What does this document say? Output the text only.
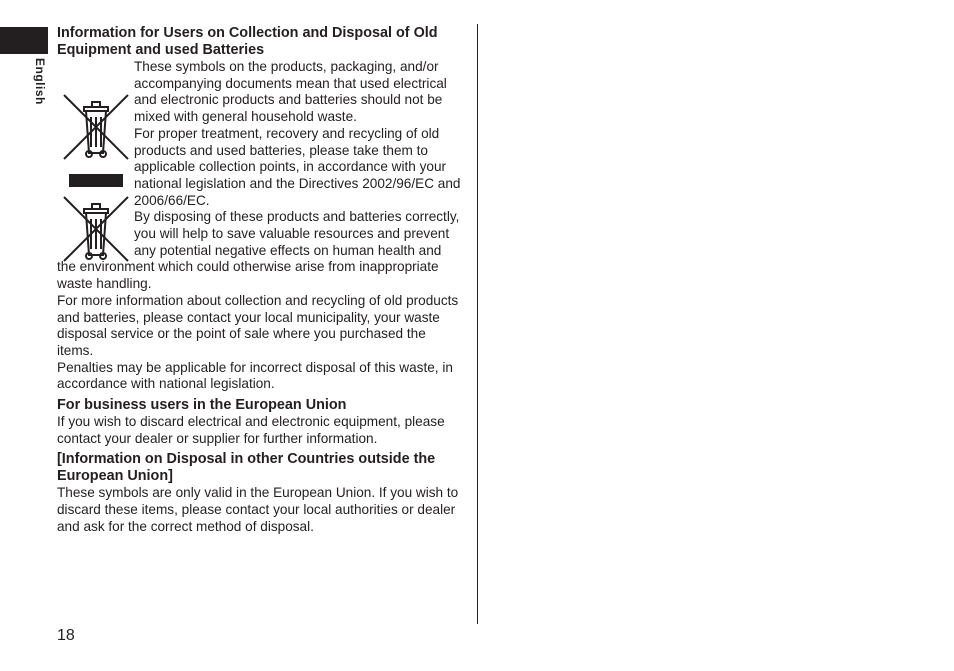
English
Information for Users on Collection and Disposal of Old Equipment and used Batteries

These symbols on the products, packaging, and/or accompanying documents mean that used electrical and electronic products and batteries should not be mixed with general household waste.

For proper treatment, recovery and recycling of old products and used batteries, please take them to applicable collection points, in accordance with your national legislation and the Directives 2002/96/EC and 2006/66/EC.

By disposing of these products and batteries correctly, you will help to save valuable resources and prevent any potential negative effects on human health and the environment which could otherwise arise from inappropriate waste handling.

For more information about collection and recycling of old products and batteries, please contact your local municipality, your waste disposal service or the point of sale where you purchased the items.

Penalties may be applicable for incorrect disposal of this waste, in accordance with national legislation.

For business users in the European Union

If you wish to discard electrical and electronic equipment, please contact your dealer or supplier for further information.

[Information on Disposal in other Countries outside the European Union]

These symbols are only valid in the European Union. If you wish to discard these items, please contact your local authorities or dealer and ask for the correct method of disposal.

18
